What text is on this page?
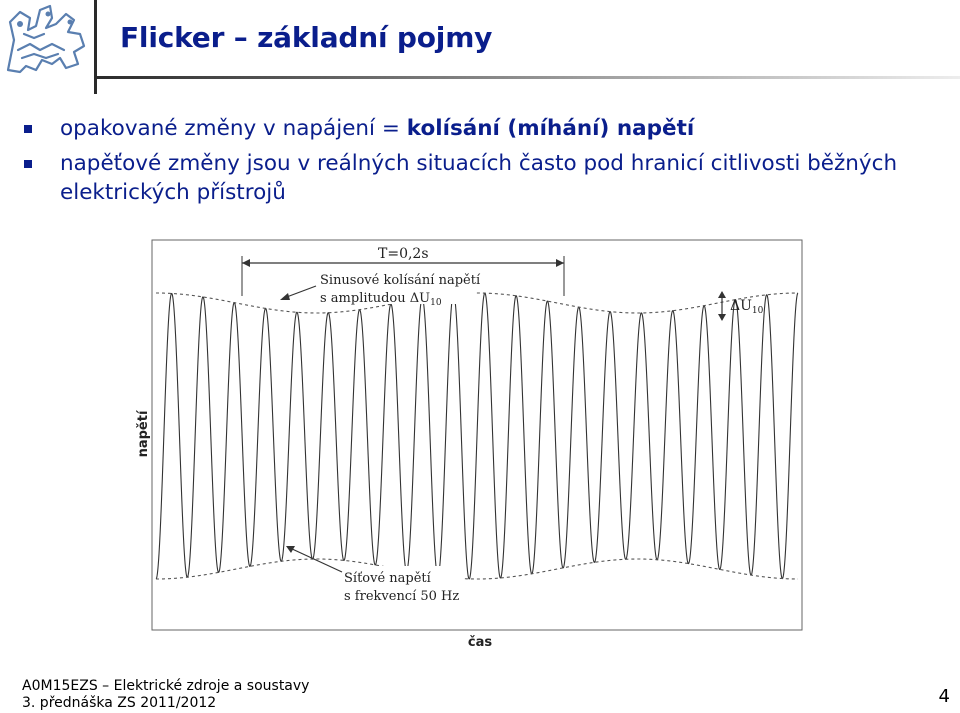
Flicker – základní pojmy

opakované změny v napájení = kolísání (míhání) napětí

napěťové změny jsou v reálných situacích často pod hranicí citlivosti běžných elektrických přístrojů

T=0,2s
Sinusové kolísání napětí
s amplitudou $\Delta U_{10}$	$\Delta U_{10}$
Síťové napětí
s frekvencí 50 Hz
napětí
čas
A0M15EZS – Elektrické zdroje a soustavy
3. přednáška ZS 2011/2012	4
